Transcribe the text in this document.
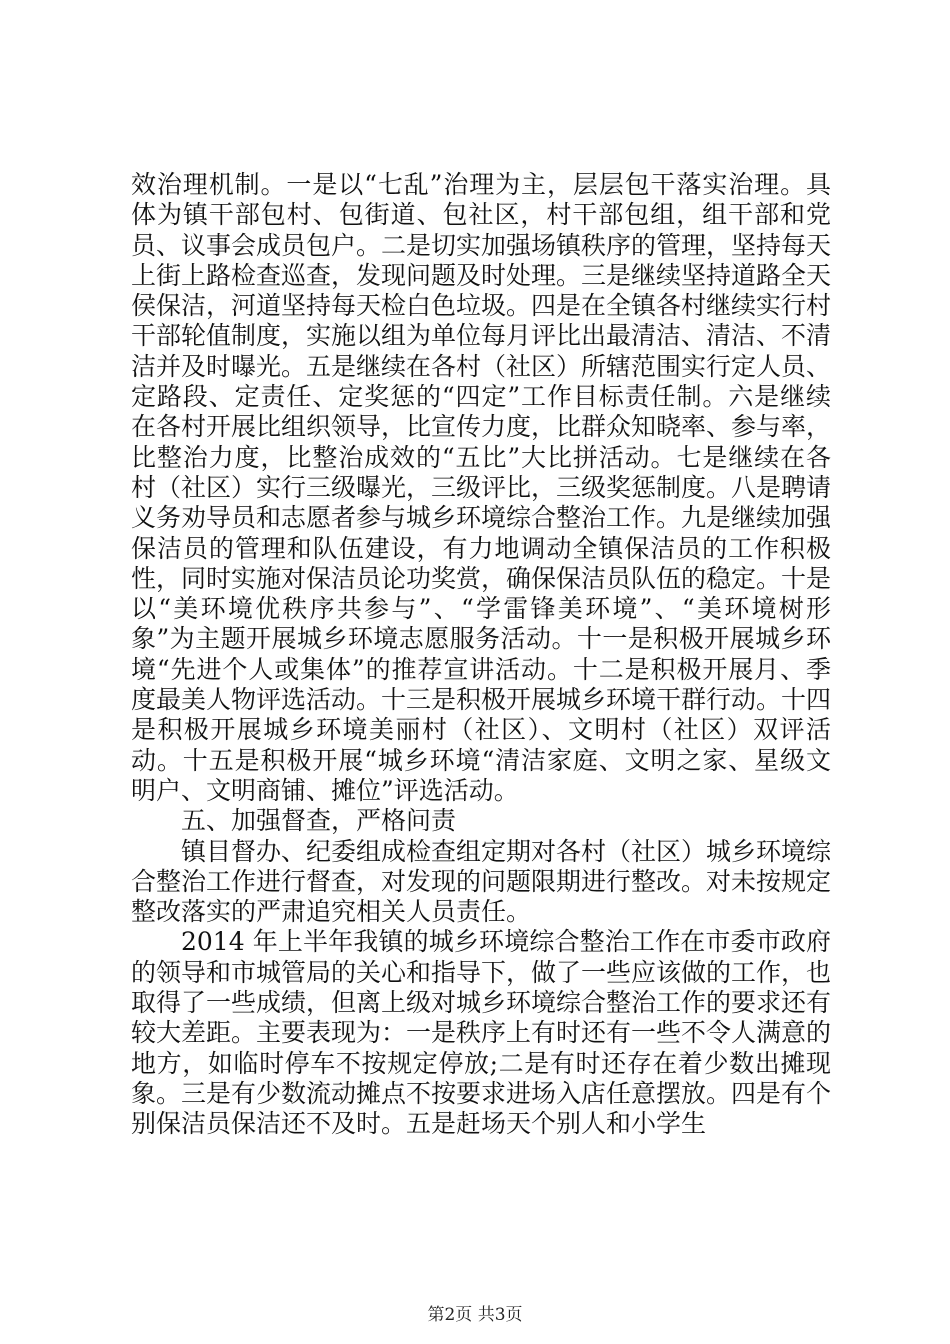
效治理机制。一是以“七乱”治理为主，层层包干落实治理。具体为镇干部包村、包街道、包社区，村干部包组，组干部和党员、议事会成员包户。二是切实加强场镇秩序的管理，坚持每天上街上路检查巡查，发现问题及时处理。三是继续坚持道路全天侯保洁，河道坚持每天检白色垃圾。四是在全镇各村继续实行村干部轮值制度，实施以组为单位每月评比出最清洁、清洁、不清洁并及时曝光。五是继续在各村（社区）所辖范围实行定人员、定路段、定责任、定奖惩的“四定”工作目标责任制。六是继续在各村开展比组织领导，比宣传力度，比群众知晓率、参与率，比整治力度，比整治成效的“五比”大比拼活动。七是继续在各村（社区）实行三级曝光，三级评比，三级奖惩制度。八是聘请义务劝导员和志愿者参与城乡环境综合整治工作。九是继续加强保洁员的管理和队伍建设，有力地调动全镇保洁员的工作积极性，同时实施对保洁员论功奖赏，确保保洁员队伍的稳定。十是以“美环境优秩序共参与”、“学雷锋美环境”、“美环境树形象”为主题开展城乡环境志愿服务活动。十一是积极开展城乡环境“先进个人或集体”的推荐宣讲活动。十二是积极开展月、季度最美人物评选活动。十三是积极开展城乡环境干群行动。十四是积极开展城乡环境美丽村（社区）、文明村（社区）双评活动。十五是积极开展“城乡环境“清洁家庭、文明之家、星级文明户、文明商铺、摊位”评选活动。

五、加强督查，严格问责

镇目督办、纪委组成检查组定期对各村（社区）城乡环境综合整治工作进行督查，对发现的问题限期进行整改。对未按规定整改落实的严肃追究相关人员责任。

2014 年上半年我镇的城乡环境综合整治工作在市委市政府的领导和市城管局的关心和指导下，做了一些应该做的工作，也取得了一些成绩，但离上级对城乡环境综合整治工作的要求还有较大差距。主要表现为：一是秩序上有时还有一些不令人满意的地方，如临时停车不按规定停放;二是有时还存在着少数出摊现象。三是有少数流动摊点不按要求进场入店任意摆放。四是有个别保洁员保洁还不及时。五是赶场天个别人和小学生

第2页 共3页
